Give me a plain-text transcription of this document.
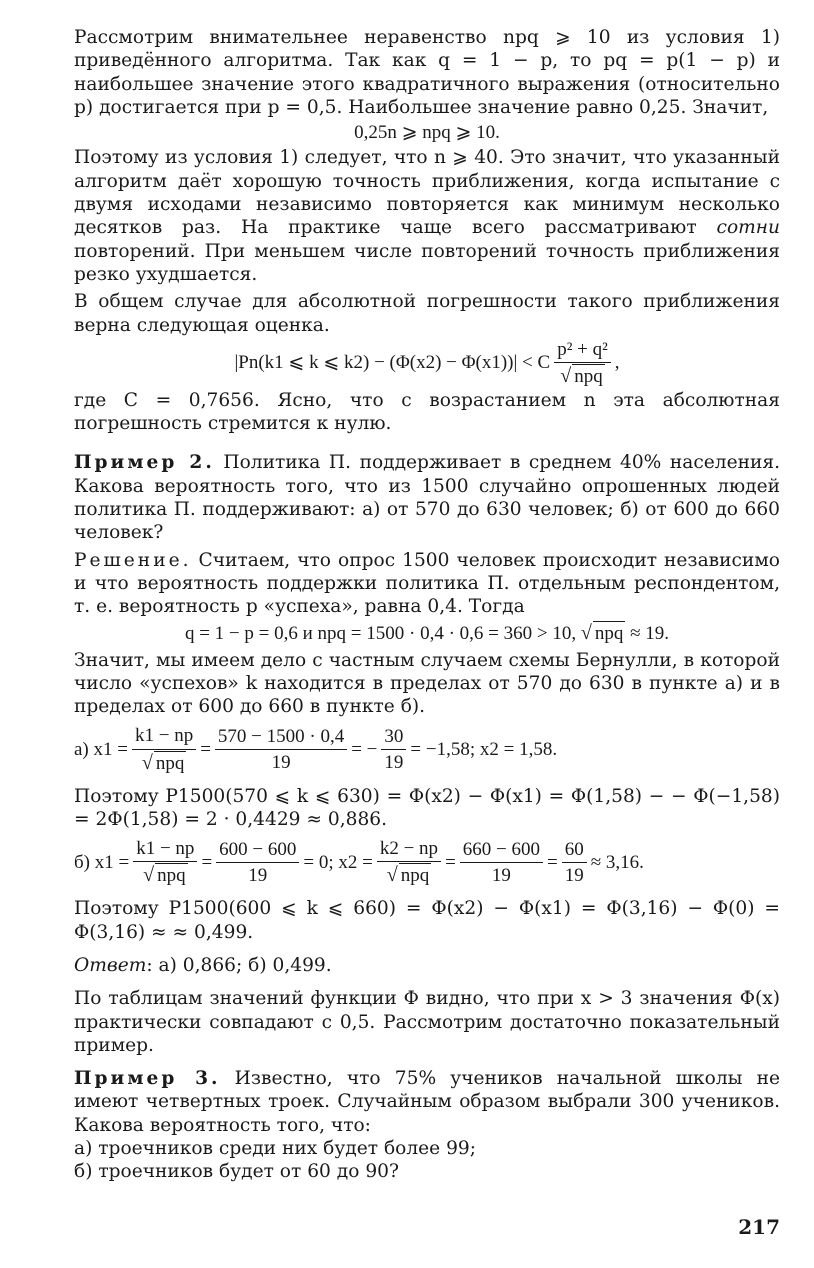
Рассмотрим внимательнее неравенство npq ⩾ 10 из условия 1) приведённого алгоритма. Так как q = 1 − p, то pq = p(1 − p) и наибольшее значение этого квадратичного выражения (относительно p) достигается при p = 0,5. Наибольшее значение равно 0,25. Значит,

0,25n ⩾ npq ⩾ 10.

Поэтому из условия 1) следует, что n ⩾ 40. Это значит, что указанный алгоритм даёт хорошую точность приближения, когда испытание с двумя исходами независимо повторяется как минимум несколько десятков раз. На практике чаще всего рассматривают сотни повторений. При меньшем числе повторений точность приближения резко ухудшается.

В общем случае для абсолютной погрешности такого приближения верна следующая оценка.

|Pn(k1 ⩽ k ⩽ k2) − (Φ(x2) − Φ(x1))| < C $\frac{\text{p² + q²}}{\text{√ npq}}$ ,

где C = 0,7656. Ясно, что с возрастанием n эта абсолютная погрешность стремится к нулю.

Пример 2. Политика П. поддерживает в среднем 40% населения. Какова вероятность того, что из 1500 случайно опрошенных людей политика П. поддерживают: а) от 570 до 630 человек; б) от 600 до 660 человек?

Решение. Считаем, что опрос 1500 человек происходит независимо и что вероятность поддержки политика П. отдельным респондентом, т. е. вероятность p «успеха», равна 0,4. Тогда

q = 1 − p = 0,6 и npq = 1500 · 0,4 · 0,6 = 360 > 10, √ npq ≈ 19.

Значит, мы имеем дело с частным случаем схемы Бернулли, в которой число «успехов» k находится в пределах от 570 до 630 в пункте а) и в пределах от 600 до 660 в пункте б).

а) $x1 = \frac{k1 - np}{\text{√ npq}} = \frac{570 - 1500 \cdot 0,4}{19}$ = − $\frac{30}{19} = -1,58$; x2 = 1,58.

Поэтому P1500(570 ⩽ k ⩽ 630) = Φ(x2) − Φ(x1) = Φ(1,58) − − Φ(−1,58) = 2Φ(1,58) = 2 · 0,4429 ≈ 0,886.

б) $x1 = \frac{k1 - np}{\text{√ npq}} = \frac{600 - 600}{19} = 0$; $x2 = \frac{k2 - np}{\text{√ npq}} = \frac{660 - 600}{19} = \frac{60}{19} \approx 3,16$.

Поэтому P1500(600 ⩽ k ⩽ 660) = Φ(x2) − Φ(x1) = Φ(3,16) − Φ(0) = Φ(3,16) ≈ ≈ 0,499.

Ответ: а) 0,866; б) 0,499.

По таблицам значений функции Φ видно, что при x > 3 значения Φ(x) практически совпадают с 0,5. Рассмотрим достаточно показательный пример.

Пример 3. Известно, что 75% учеников начальной школы не имеют четвертных троек. Случайным образом выбрали 300 учеников. Какова вероятность того, что:

а) троечников среди них будет более 99;

б) троечников будет от 60 до 90?

217
